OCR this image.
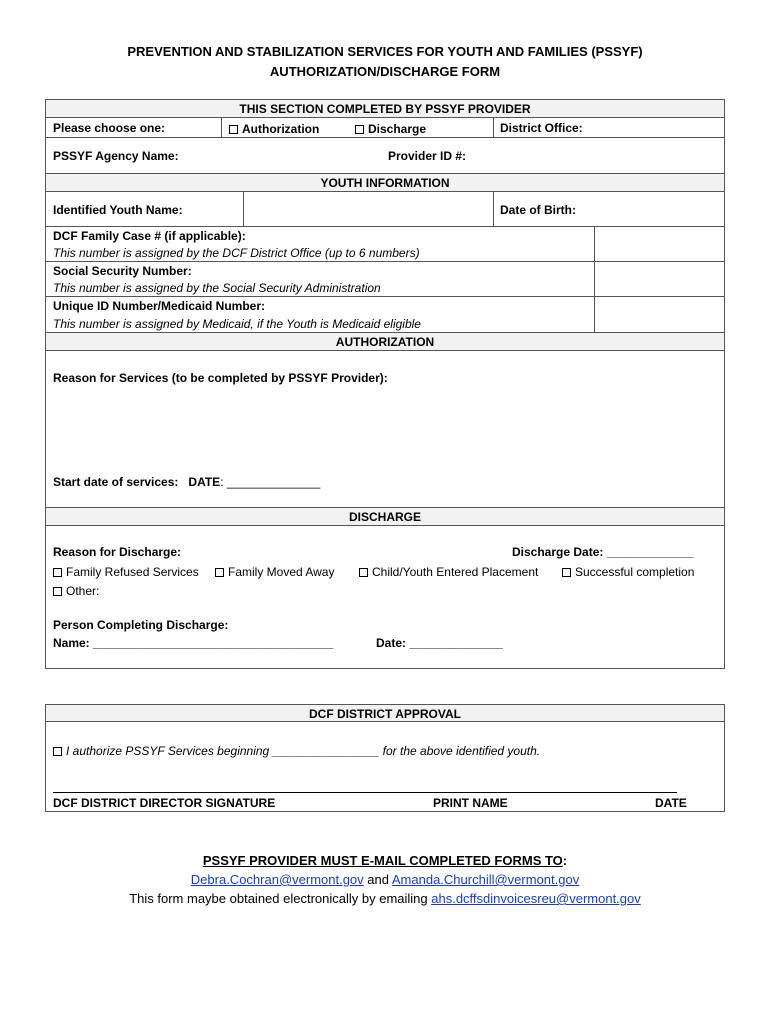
PREVENTION AND STABILIZATION SERVICES FOR YOUTH AND FAMILIES (PSSYF)
AUTHORIZATION/DISCHARGE FORM
THIS SECTION COMPLETED BY PSSYF PROVIDER
Please choose one:	Authorization	Discharge	District Office:
PSSYF Agency Name:	Provider ID #:
YOUTH INFORMATION
Identified Youth Name:	Date of Birth:
DCF Family Case # (if applicable):
This number is assigned by the DCF District Office (up to 6 numbers)
Social Security Number:
This number is assigned by the Social Security Administration
Unique ID Number/Medicaid Number:
This number is assigned by Medicaid, if the Youth is Medicaid eligible
AUTHORIZATION
Reason for Services (to be completed by PSSYF Provider):
Start date of services: DATE: ______________
DISCHARGE
Reason for Discharge:	Discharge Date: _____________
Family Refused Services	Family Moved Away	Child/Youth Entered Placement	Successful completion
Other:
Person Completing Discharge:
Name: ____________________________________	Date: ______________
DCF DISTRICT APPROVAL
I authorize PSSYF Services beginning ________________ for the above identified youth.
DCF DISTRICT DIRECTOR SIGNATURE	PRINT NAME	DATE
PSSYF PROVIDER MUST E-MAIL COMPLETED FORMS TO:
Debra.Cochran@vermont.gov and Amanda.Churchill@vermont.gov
This form maybe obtained electronically by emailing ahs.dcffsdinvoicesreu@vermont.gov
